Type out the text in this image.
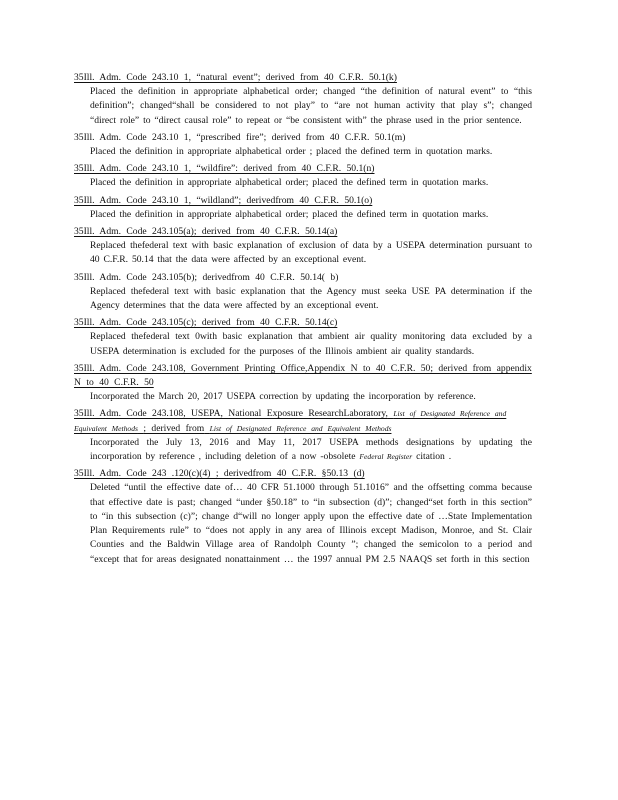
35Ill. Adm. Code 243.10 1, “natural event”; derived from 40 C.F.R. 50.1(k)
Placed the definition in appropriate alphabetical order; changed “the definition of natural event” to “this definition”; changed“shall be considered to not play” to “are not human activity that play s”; changed “direct role” to “direct causal role” to repeat or “be consistent with” the phrase used in the prior sentence.
35Ill. Adm. Code 243.10 1, “prescribed fire”; derived from 40 C.F.R. 50.1(m)
Placed the definition in appropriate alphabetical order ; placed the defined term in quotation marks.
35Ill. Adm. Code 243.10 1, “wildfire”: derived from 40 C.F.R. 50.1(n)
Placed the definition in appropriate alphabetical order; placed the defined term in quotation marks.
35Ill. Adm. Code 243.10 1, “wildland”; derivedfrom 40 C.F.R. 50.1(o)
Placed the definition in appropriate alphabetical order; placed the defined term in quotation marks.
35Ill. Adm. Code 243.105(a); derived from 40 C.F.R. 50.14(a)
Replaced thefederal text with basic explanation of exclusion of data by a USEPA determination pursuant to 40 C.F.R. 50.14 that the data were affected by an exceptional event.
35Ill. Adm. Code 243.105(b); derivedfrom 40 C.F.R. 50.14( b)
Replaced thefederal text with basic explanation that the Agency must seeka USE PA determination if the Agency determines that the data were affected by an exceptional event.
35Ill. Adm. Code 243.105(c); derived from 40 C.F.R. 50.14(c)
Replaced thefederal text 0with basic explanation that ambient air quality monitoring data excluded by a USEPA determination is excluded for the purposes of the Illinois ambient air quality standards.
35Ill. Adm. Code 243.108, Government Printing Office,Appendix N to 40 C.F.R. 50; derived from appendix N to 40 C.F.R. 50
Incorporated the March 20, 2017 USEPA correction by updating the incorporation by reference.
35Ill. Adm. Code 243.108, USEPA, National Exposure ResearchLaboratory, List of Designated Reference and Equivalent Methods ; derived from List of Designated Reference and Equivalent Methods
Incorporated the July 13, 2016 and May 11, 2017 USEPA methods designations by updating the incorporation by reference , including deletion of a now -obsolete Federal Register citation .
35Ill. Adm. Code 243 .120(c)(4) ; derivedfrom 40 C.F.R. §50.13 (d)
Deleted “until the effective date of… 40 CFR 51.1000 through 51.1016” and the offsetting comma because that effective date is past; changed “under §50.18” to “in subsection (d)”; changed“set forth in this section” to “in this subsection (c)”; change d“will no longer apply upon the effective date of …State Implementation Plan Requirements rule” to “does not apply in any area of Illinois except Madison, Monroe, and St. Clair Counties and the Baldwin Village area of Randolph County ”; changed the semicolon to a period and “except that for areas designated nonattainment … the 1997 annual PM 2.5 NAAQS set forth in this section
